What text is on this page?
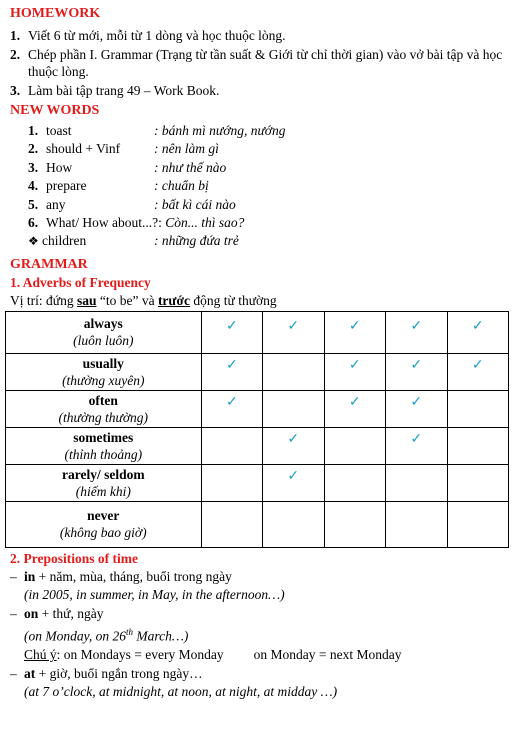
HOMEWORK
1. Viết 6 từ mới, mỗi từ 1 dòng và học thuộc lòng.
2. Chép phần I. Grammar (Trạng từ tần suất & Giới từ chỉ thời gian) vào vở bài tập và học thuộc lòng.
3. Làm bài tập trang 49 – Work Book.
NEW WORDS
1. toast	: bánh mì nướng, nướng
2. should + Vinf	: nên làm gì
3. How	: như thế nào
4. prepare	: chuẩn bị
5. any	: bất kì cái nào
6. What/ How about...?: Còn... thì sao?
❖ children	: những đứa trẻ
GRAMMAR
1. Adverbs of Frequency
Vị trí: đứng sau “to be” và trước động từ thường
always
(luôn luôn)	✓	✓	✓	✓	✓

usually
(thường xuyên)	✓		✓	✓	✓

often
(thường thường)	✓		✓	✓	

sometimes
(thỉnh thoảng)		✓		✓	

rarely/ seldom
(hiếm khi)		✓			

never
(không bao giờ)					

2. Prepositions of time
– in + năm, mùa, tháng, buổi trong ngày
(in 2005, in summer, in May, in the afternoon…)
– on + thứ, ngày
(on Monday, on 26th March…)
Chú ý: on Mondays = every Monday on Monday = next Monday
– at + giờ, buổi ngắn trong ngày…
(at 7 o’clock, at midnight, at noon, at night, at midday …)
